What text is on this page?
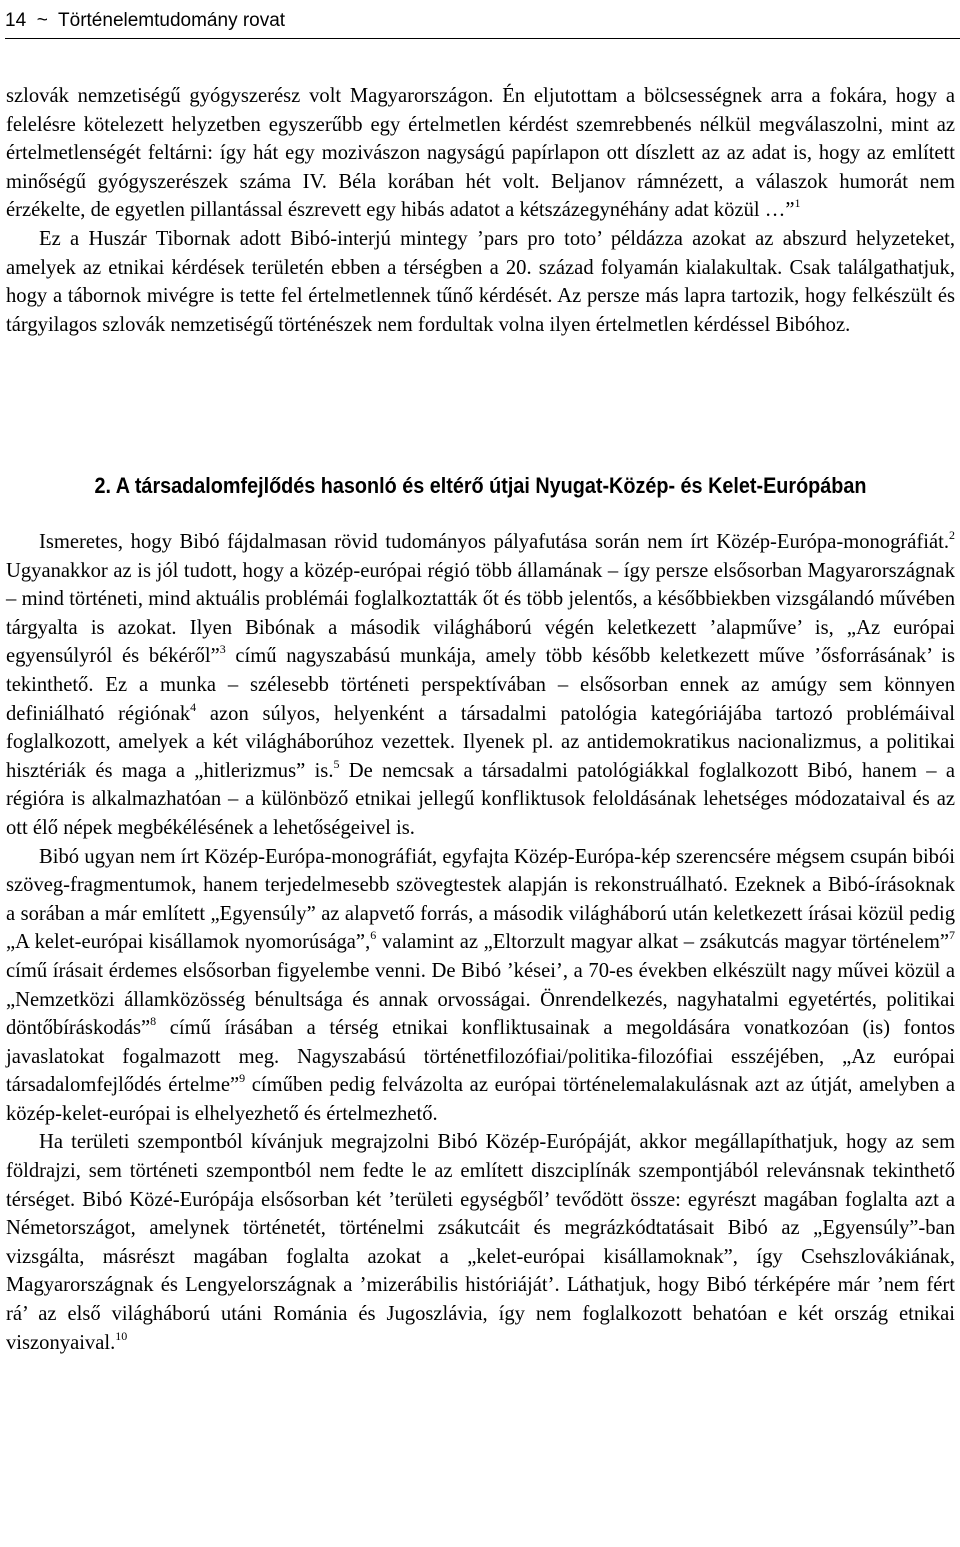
14 ~ Történelemtudomány rovat

szlovák nemzetiségű gyógyszerész volt Magyarországon. Én eljutottam a bölcsességnek arra a fokára, hogy a felelésre kötelezett helyzetben egyszerűbb egy értelmetlen kérdést szemrebbenés nélkül megválaszolni, mint az értelmetlenségét feltárni: így hát egy mozivászon nagyságú papírlapon ott díszlett az az adat is, hogy az említett minőségű gyógyszerészek száma IV. Béla korában hét volt. Beljanov rámnézett, a válaszok humorát nem érzékelte, de egyetlen pillantással észrevett egy hibás adatot a kétszázegynéhány adat közül …”$^1$

Ez a Huszár Tibornak adott Bibó-interjú mintegy ’pars pro toto’ példázza azokat az abszurd helyzeteket, amelyek az etnikai kérdések területén ebben a térségben a 20. század folyamán kialakultak. Csak találgathatjuk, hogy a tábornok mivégre is tette fel értelmetlennek tűnő kérdését. Az persze más lapra tartozik, hogy felkészült és tárgyilagos szlovák nemzetiségű történészek nem fordultak volna ilyen értelmetlen kérdéssel Bibóhoz.

2. A társadalomfejlődés hasonló és eltérő útjai Nyugat-Közép- és Kelet-Európában

Ismeretes, hogy Bibó fájdalmasan rövid tudományos pályafutása során nem írt Közép-Európa-monográfiát.$^2$ Ugyanakkor az is jól tudott, hogy a közép-európai régió több államának – így persze elsősorban Magyarországnak – mind történeti, mind aktuális problémái foglalkoztatták őt és több jelentős, a későbbiekben vizsgálandó művében tárgyalta is azokat. Ilyen Bibónak a második világháború végén keletkezett ’alapműve’ is, „Az európai egyensúlyról és békéről”$^3$ című nagyszabású munkája, amely több később keletkezett műve ’ősforrásának’ is tekinthető. Ez a munka – szélesebb történeti perspektívában – elsősorban ennek az amúgy sem könnyen definiálható régiónak$^4$ azon súlyos, helyenként a társadalmi patológia kategóriájába tartozó problémáival foglalkozott, amelyek a két világháborúhoz vezettek. Ilyenek pl. az antidemokratikus nacionalizmus, a politikai hisztériák és maga a „hitlerizmus” is.$^5$ De nemcsak a társadalmi patológiákkal foglalkozott Bibó, hanem – a régióra is alkalmazhatóan – a különböző etnikai jellegű konfliktusok feloldásának lehetséges módozataival és az ott élő népek megbékélésének a lehetőségeivel is.

Bibó ugyan nem írt Közép-Európa-monográfiát, egyfajta Közép-Európa-kép szerencsére mégsem csupán bibói szöveg-fragmentumok, hanem terjedelmesebb szövegtestek alapján is rekonstruálható. Ezeknek a Bibó-írásoknak a sorában a már említett „Egyensúly” az alapvető forrás, a második világháború után keletkezett írásai közül pedig „A kelet-európai kisállamok nyomorúsága”,$^6$ valamint az „Eltorzult magyar alkat – zsákutcás magyar történelem”$^7$ című írásait érdemes elsősorban figyelembe venni. De Bibó ’kései’, a 70-es években elkészült nagy művei közül a „Nemzetközi államközösség bénultsága és annak orvosságai. Önrendelkezés, nagyhatalmi egyetértés, politikai döntőbíráskodás”$^8$ című írásában a térség etnikai konfliktusainak a megoldására vonatkozóan (is) fontos javaslatokat fogalmazott meg. Nagyszabású történetfilozófiai/politika-filozófiai esszéjében, „Az európai társadalomfejlődés értelme”$^9$ címűben pedig felvázolta az európai történelemalakulásnak azt az útját, amelyben a közép-kelet-európai is elhelyezhető és értelmezhető.

Ha területi szempontból kívánjuk megrajzolni Bibó Közép-Európáját, akkor megállapíthatjuk, hogy az sem földrajzi, sem történeti szempontból nem fedte le az említett diszciplínák szempontjából relevánsnak tekinthető térséget. Bibó Közé-Európája elsősorban két ’területi egységből’ tevődött össze: egyrészt magában foglalta azt a Németországot, amelynek történetét, történelmi zsákutcáit és megrázkódtatásait Bibó az „Egyensúly”-ban vizsgálta, másrészt magában foglalta azokat a „kelet-európai kisállamoknak”, így Csehszlovákiának, Magyarországnak és Lengyelországnak a ’mizerábilis históriáját’. Láthatjuk, hogy Bibó térképére már ’nem fért rá’ az első világháború utáni Románia és Jugoszlávia, így nem foglalkozott behatóan e két ország etnikai viszonyaival.$^{10}$
